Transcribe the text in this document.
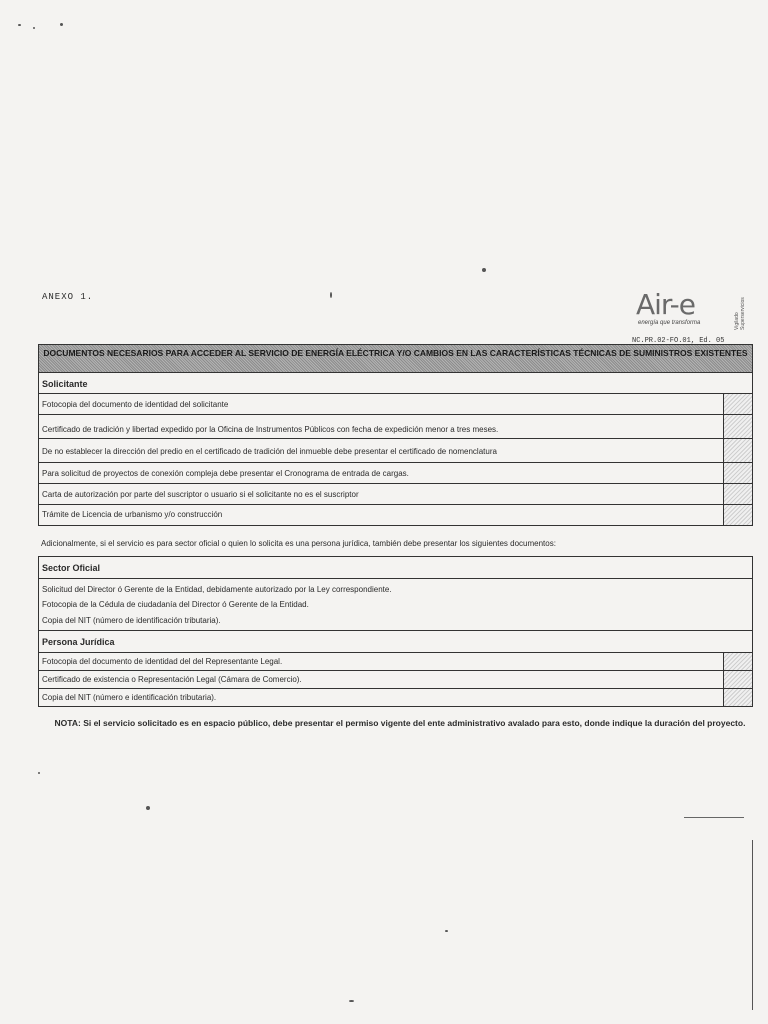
ANEXO 1.	Air-e
energía que transforma	Vigilado Superservicios
NC.PR.02-FO.01, Ed. 05
DOCUMENTOS NECESARIOS PARA ACCEDER AL SERVICIO DE ENERGÍA ELÉCTRICA Y/O CAMBIOS EN LAS CARACTERÍSTICAS TÉCNICAS DE SUMINISTROS EXISTENTES
Solicitante
Fotocopia del documento de identidad del solicitante
Certificado de tradición y libertad expedido por la Oficina de Instrumentos Públicos con fecha de expedición menor a tres meses.
De no establecer la dirección del predio en el certificado de tradición del inmueble debe presentar el certificado de nomenclatura
Para solicitud de proyectos de conexión compleja debe presentar el Cronograma de entrada de cargas.
Carta de autorización por parte del suscriptor o usuario si el solicitante no es el suscriptor
Trámite de Licencia de urbanismo y/o construcción
Adicionalmente, si el servicio es para sector oficial o quien lo solicita es una persona jurídica, también debe presentar los siguientes documentos:
Sector Oficial
Solicitud del Director ó Gerente de la Entidad, debidamente autorizado por la Ley correspondiente.
Fotocopia de la Cédula de ciudadanía del Director ó Gerente de la Entidad.
Copia del NIT (número de identificación tributaria).
Persona Jurídica
Fotocopia del documento de identidad del del Representante Legal.
Certificado de existencia o Representación Legal (Cámara de Comercio).
Copia del NIT (número e identificación tributaria).
NOTA: Si el servicio solicitado es en espacio público, debe presentar el permiso vigente del ente administrativo avalado para esto, donde indique la duración del proyecto.
